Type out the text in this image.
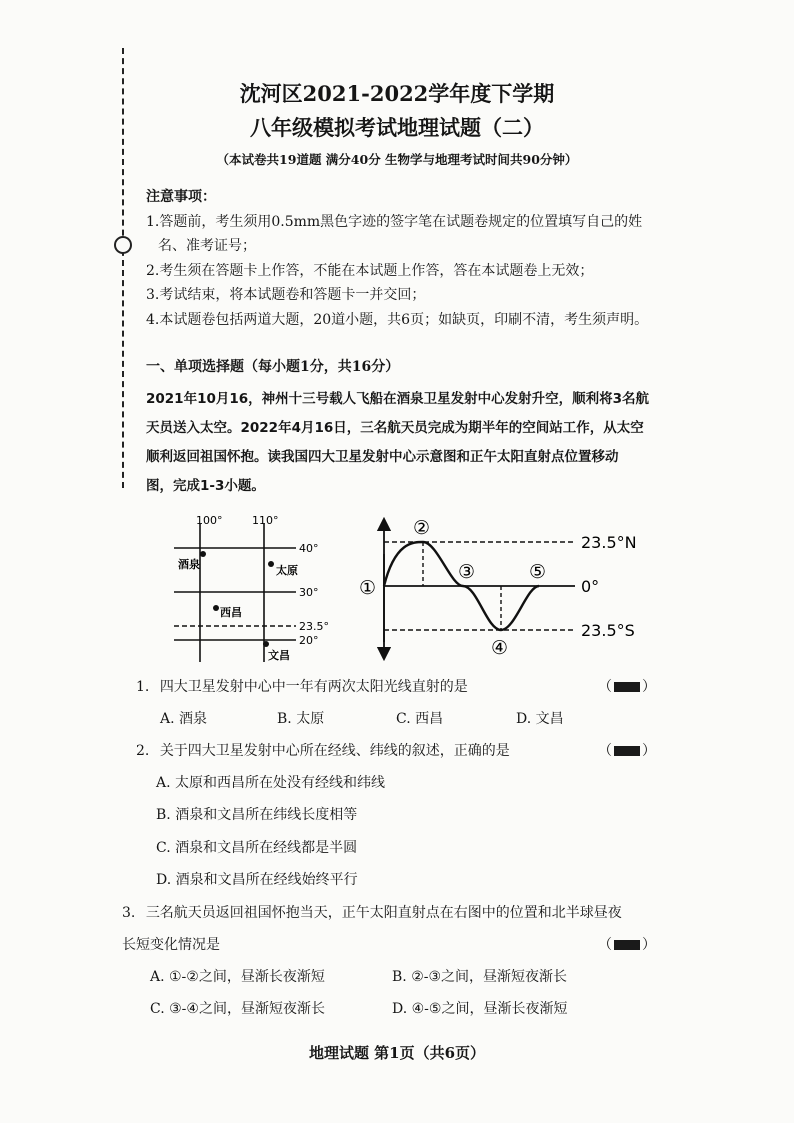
沈河区2021-2022学年度下学期
八年级模拟考试地理试题（二）
（本试卷共19道题 满分40分 生物学与地理考试时间共90分钟）
注意事项：
1.答题前，考生须用0.5mm黑色字迹的签字笔在试题卷规定的位置填写自己的姓
名、准考证号；
2.考生须在答题卡上作答，不能在本试题上作答，答在本试题卷上无效；
3.考试结束，将本试题卷和答题卡一并交回；
4.本试题卷包括两道大题，20道小题，共6页；如缺页，印刷不清，考生须声明。
一、单项选择题（每小题1分，共16分）
2021年10月16，神州十三号载人飞船在酒泉卫星发射中心发射升空，顺利将3名航
天员送入太空。2022年4月16日，三名航天员完成为期半年的空间站工作，从太空
顺利返回祖国怀抱。读我国四大卫星发射中心示意图和正午太阳直射点位置移动
图，完成1-3小题。
100°	110°
40°
30°
23.5°
20°
酒泉	太原
西昌
文昌
①
②
③
④
⑤
23.5°N
0°
23.5°S
1. 四大卫星发射中心中一年有两次太阳光线直射的是	（ ）
A. 酒泉	B. 太原	C. 西昌	D. 文昌
2. 关于四大卫星发射中心所在经线、纬线的叙述，正确的是	（ ）
A. 太原和西昌所在处没有经线和纬线
B. 酒泉和文昌所在纬线长度相等
C. 酒泉和文昌所在经线都是半圆
D. 酒泉和文昌所在经线始终平行
3. 三名航天员返回祖国怀抱当天，正午太阳直射点在右图中的位置和北半球昼夜
长短变化情况是	（ ）
A. ①-②之间，昼渐长夜渐短	B. ②-③之间，昼渐短夜渐长
C. ③-④之间，昼渐短夜渐长	D. ④-⑤之间，昼渐长夜渐短
地理试题 第1页（共6页）
